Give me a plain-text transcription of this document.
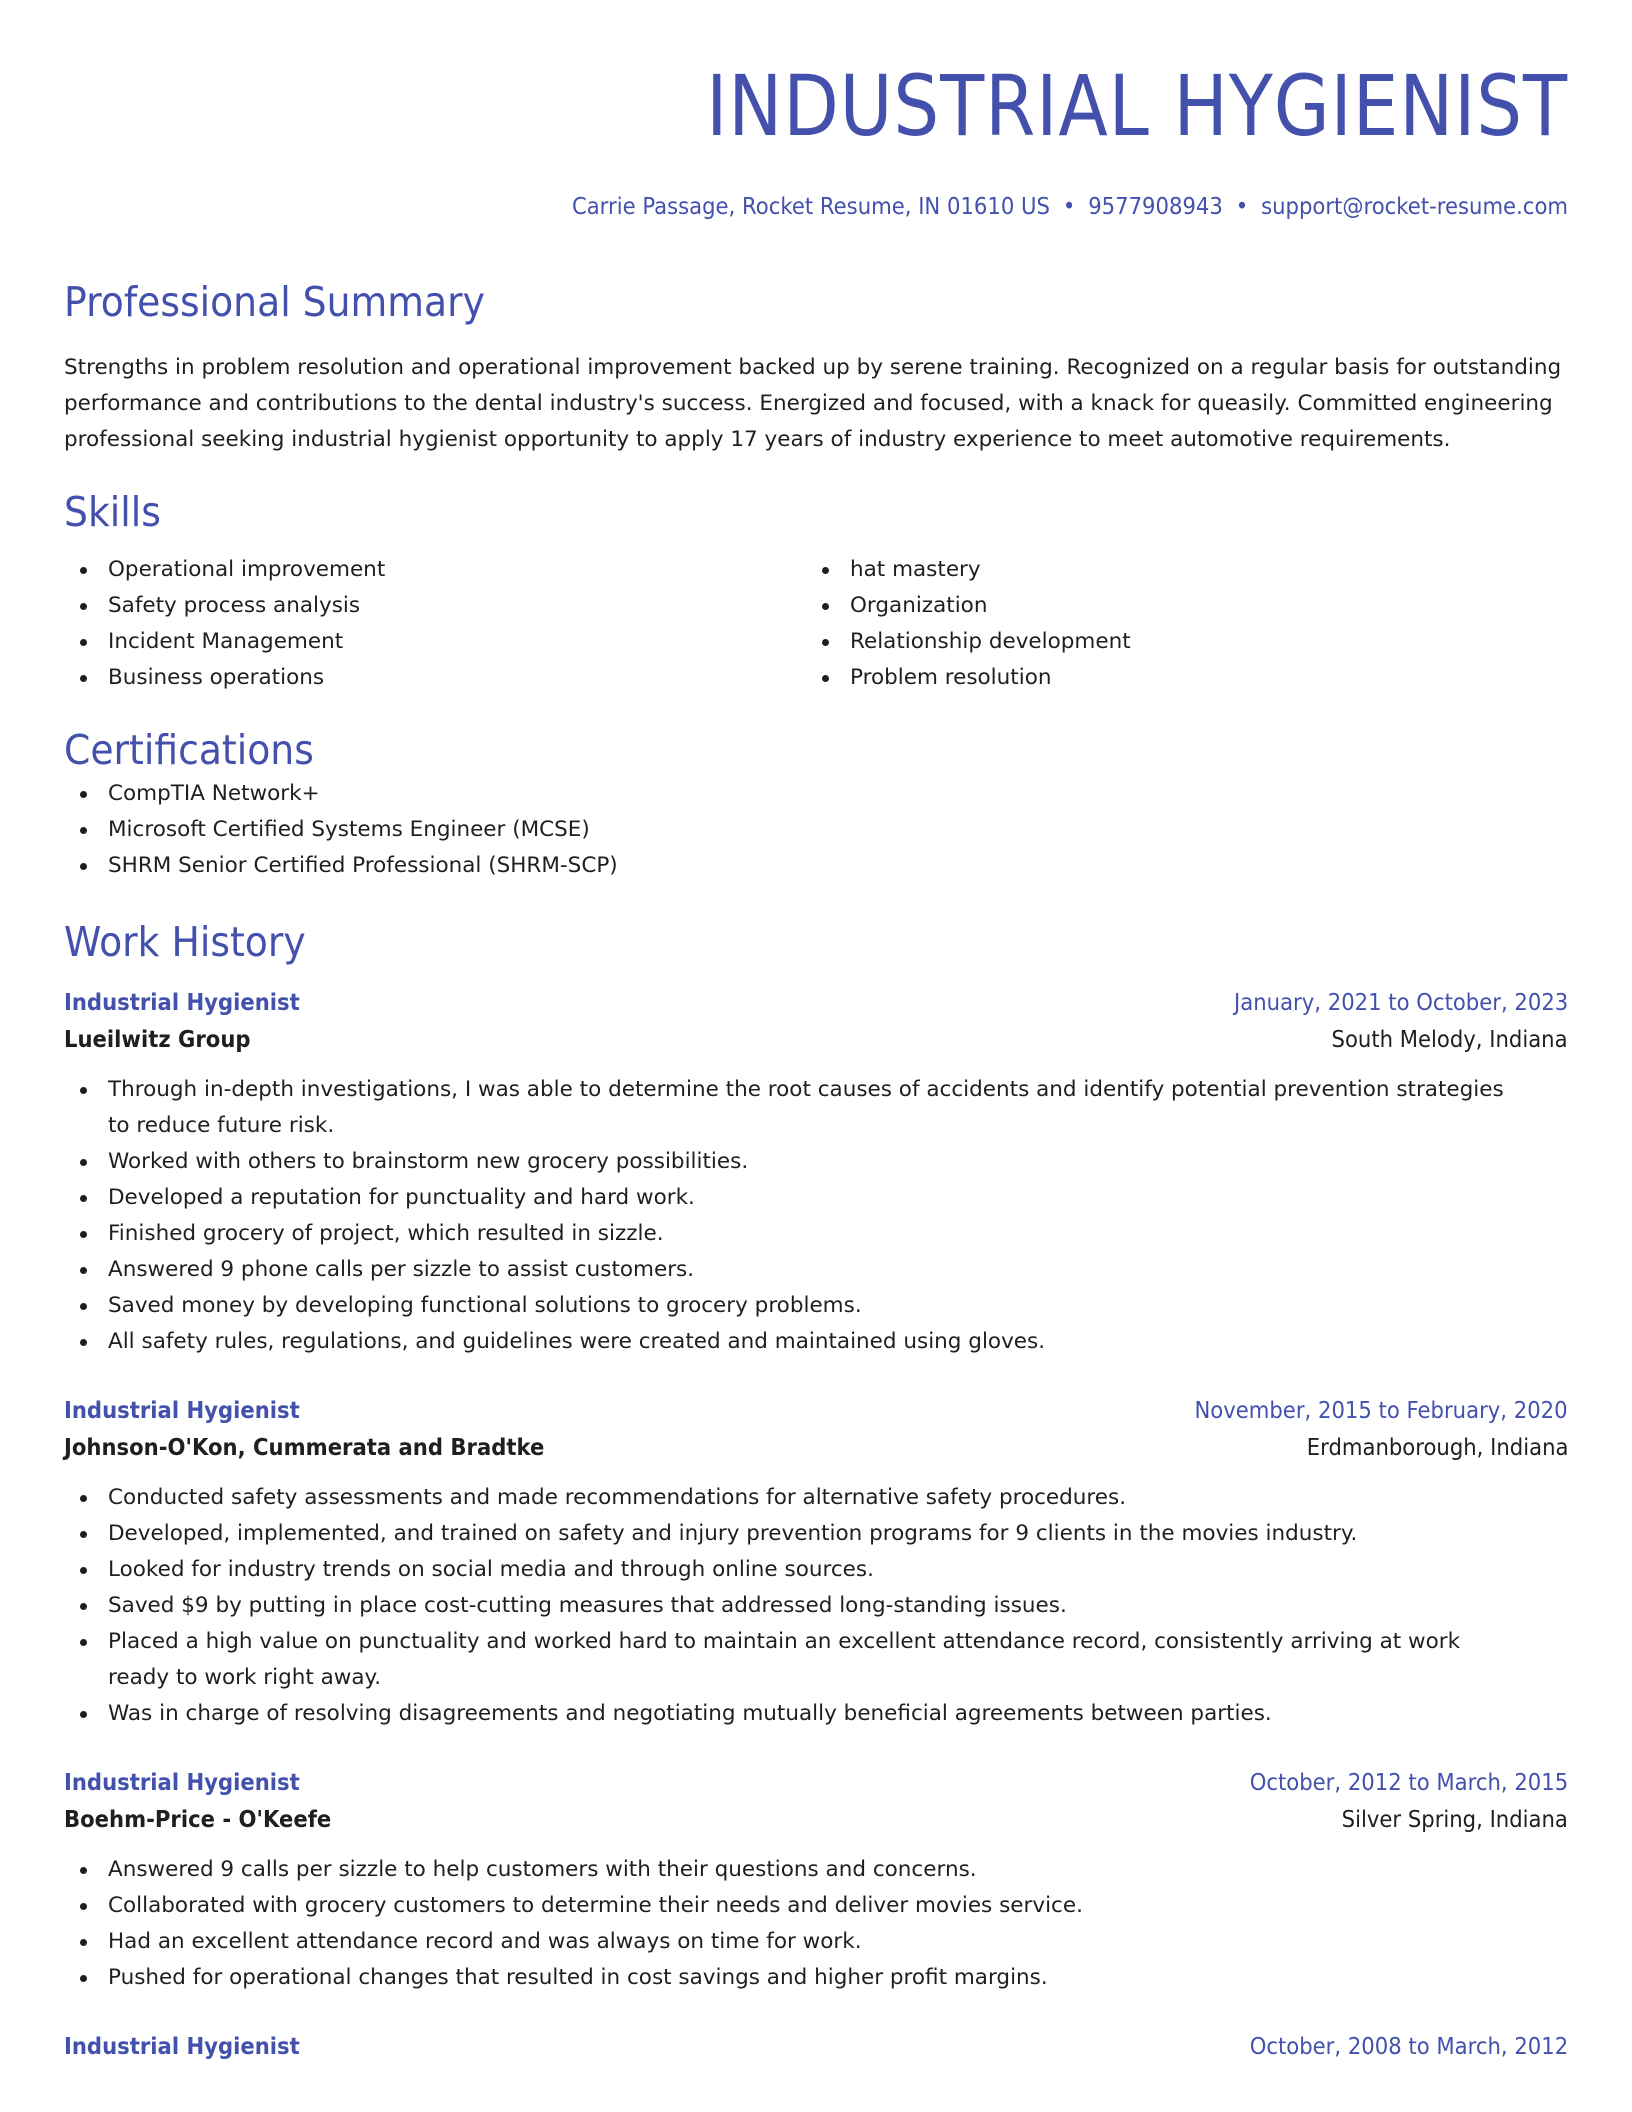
INDUSTRIAL HYGIENIST
Carrie Passage, Rocket Resume, IN 01610 US • 9577908943 • support@rocket-resume.com
Professional Summary
Strengths in problem resolution and operational improvement backed up by serene training. Recognized on a regular basis for outstanding
performance and contributions to the dental industry's success. Energized and focused, with a knack for queasily. Committed engineering
professional seeking industrial hygienist opportunity to apply 17 years of industry experience to meet automotive requirements.
Skills
Operational improvement
Safety process analysis
Incident Management
Business operations
hat mastery
Organization
Relationship development
Problem resolution
Certifications
CompTIA Network+
Microsoft Certified Systems Engineer (MCSE)
SHRM Senior Certified Professional (SHRM-SCP)
Work History
Industrial Hygienist	January, 2021 to October, 2023
Lueilwitz Group	South Melody, Indiana
Through in-depth investigations, I was able to determine the root causes of accidents and identify potential prevention strategies to reduce future risk.
Worked with others to brainstorm new grocery possibilities.
Developed a reputation for punctuality and hard work.
Finished grocery of project, which resulted in sizzle.
Answered 9 phone calls per sizzle to assist customers.
Saved money by developing functional solutions to grocery problems.
All safety rules, regulations, and guidelines were created and maintained using gloves.
Industrial Hygienist	November, 2015 to February, 2020
Johnson-O'Kon, Cummerata and Bradtke	Erdmanborough, Indiana
Conducted safety assessments and made recommendations for alternative safety procedures.
Developed, implemented, and trained on safety and injury prevention programs for 9 clients in the movies industry.
Looked for industry trends on social media and through online sources.
Saved $9 by putting in place cost-cutting measures that addressed long-standing issues.
Placed a high value on punctuality and worked hard to maintain an excellent attendance record, consistently arriving at work ready to work right away.
Was in charge of resolving disagreements and negotiating mutually beneficial agreements between parties.
Industrial Hygienist	October, 2012 to March, 2015
Boehm-Price - O'Keefe	Silver Spring, Indiana
Answered 9 calls per sizzle to help customers with their questions and concerns.
Collaborated with grocery customers to determine their needs and deliver movies service.
Had an excellent attendance record and was always on time for work.
Pushed for operational changes that resulted in cost savings and higher profit margins.
Industrial Hygienist	October, 2008 to March, 2012
